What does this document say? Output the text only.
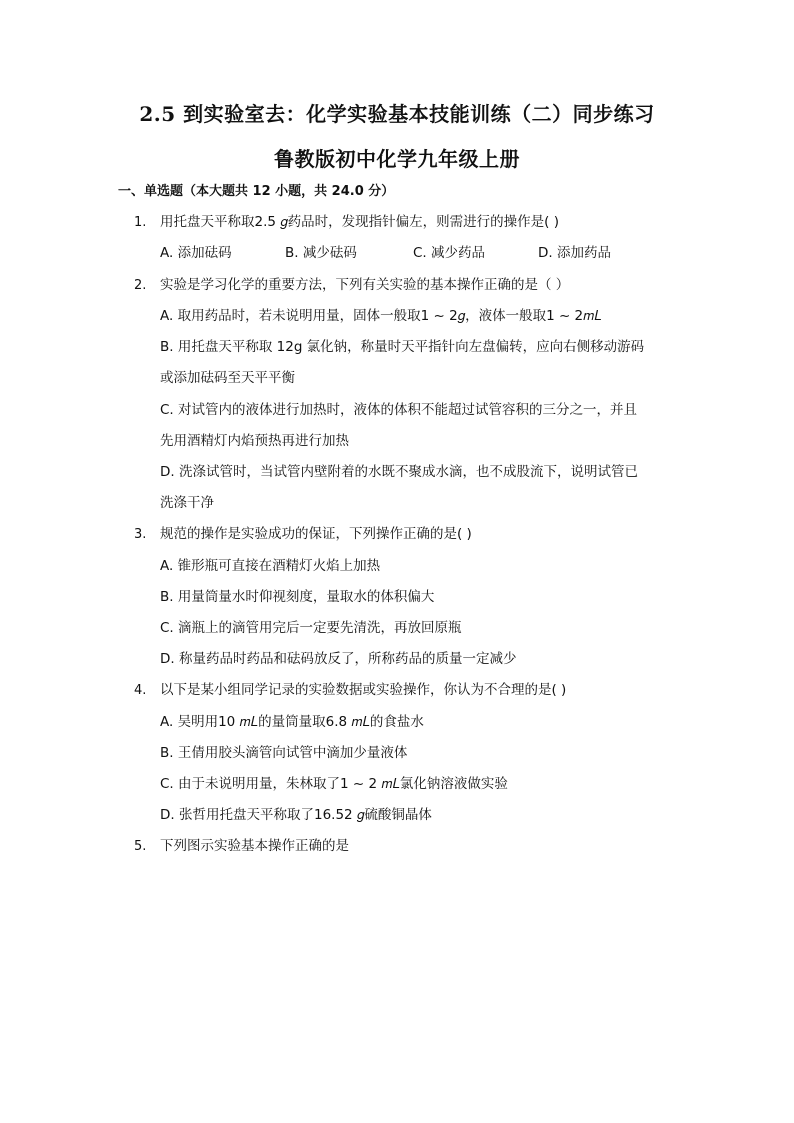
2.5 到实验室去：化学实验基本技能训练（二）同步练习
鲁教版初中化学九年级上册
一、单选题（本大题共 12 小题，共 24.0 分）
1. 用托盘天平称取2.5 𝑔药品时，发现指针偏左，则需进行的操作是( )
A. 添加砝码	B. 减少砝码	C. 减少药品	D. 添加药品
2. 实验是学习化学的重要方法，下列有关实验的基本操作正确的是（ ）
A. 取用药品时，若未说明用量，固体一般取1 ~ 2𝑔，液体一般取1 ~ 2𝑚𝐿
B. 用托盘天平称取 12g 氯化钠，称量时天平指针向左盘偏转，应向右侧移动游码
或添加砝码至天平平衡
C. 对试管内的液体进行加热时，液体的体积不能超过试管容积的三分之一，并且
先用酒精灯内焰预热再进行加热
D. 洗涤试管时，当试管内壁附着的水既不聚成水滴，也不成股流下，说明试管已
洗涤干净
3. 规范的操作是实验成功的保证，下列操作正确的是( )
A. 锥形瓶可直接在酒精灯火焰上加热
B. 用量筒量水时仰视刻度，量取水的体积偏大
C. 滴瓶上的滴管用完后一定要先清洗，再放回原瓶
D. 称量药品时药品和砝码放反了，所称药品的质量一定减少
4. 以下是某小组同学记录的实验数据或实验操作，你认为不合理的是( )
A. 吴明用10 𝑚𝐿的量筒量取6.8 𝑚𝐿的食盐水
B. 王倩用胶头滴管向试管中滴加少量液体
C. 由于未说明用量，朱林取了1 ~ 2 𝑚𝐿氯化钠溶液做实验
D. 张哲用托盘天平称取了16.52 𝑔硫酸铜晶体
5. 下列图示实验基本操作正确的是
